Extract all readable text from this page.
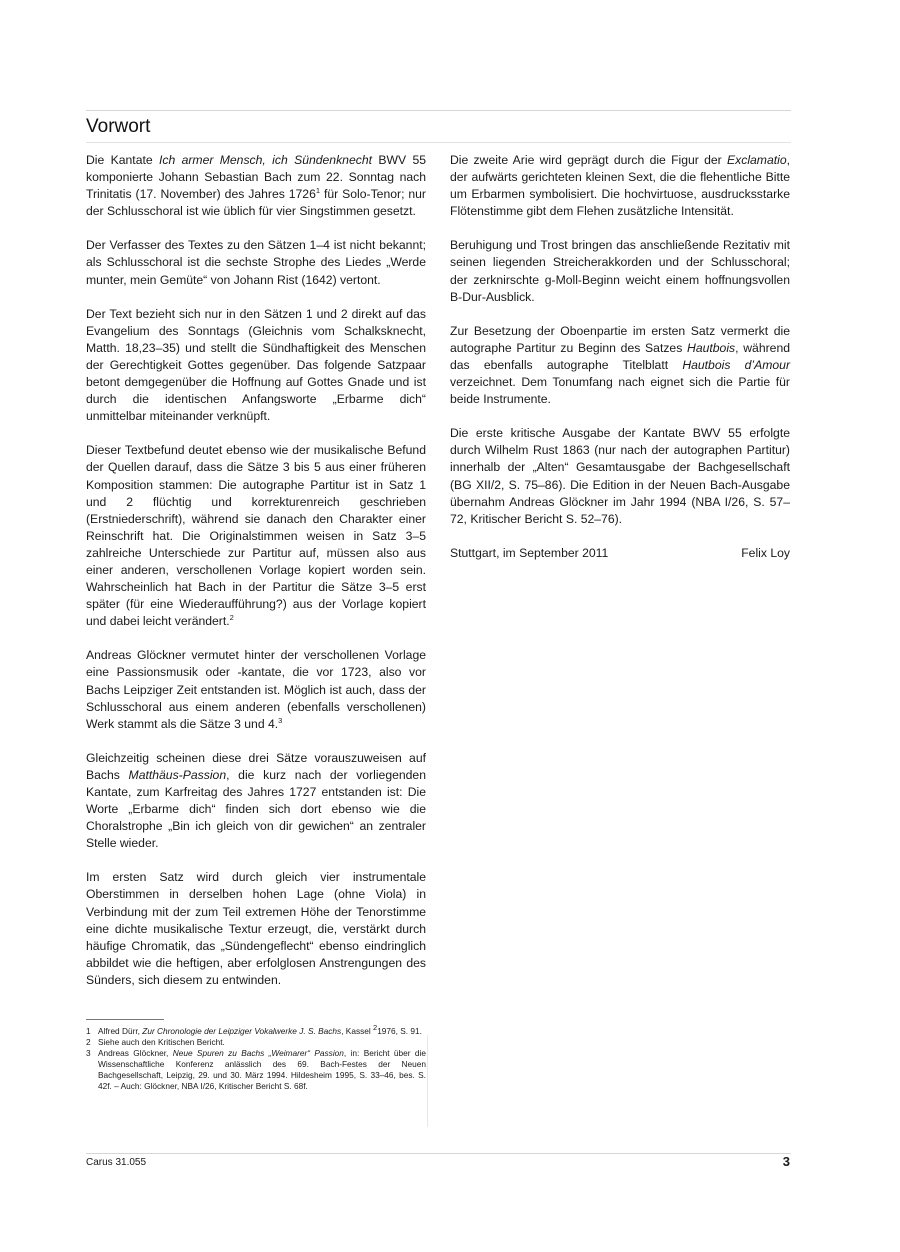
Vorwort

Die Kantate Ich armer Mensch, ich Sündenknecht BWV 55 komponierte Johann Sebastian Bach zum 22. Sonntag nach Trinitatis (17. November) des Jahres 1726$^1$ für Solo-Tenor; nur der Schlusschoral ist wie üblich für vier Singstimmen gesetzt.

Der Verfasser des Textes zu den Sätzen 1–4 ist nicht bekannt; als Schlusschoral ist die sechste Strophe des Liedes „Werde munter, mein Gemüte“ von Johann Rist (1642) vertont.

Der Text bezieht sich nur in den Sätzen 1 und 2 direkt auf das Evangelium des Sonntags (Gleichnis vom Schalksknecht, Matth. 18,23–35) und stellt die Sündhaftigkeit des Menschen der Gerechtigkeit Gottes gegenüber. Das folgende Satzpaar betont demgegenüber die Hoffnung auf Gottes Gnade und ist durch die identischen Anfangsworte „Erbarme dich“ unmittelbar miteinander verknüpft.

Dieser Textbefund deutet ebenso wie der musikalische Befund der Quellen darauf, dass die Sätze 3 bis 5 aus einer früheren Komposition stammen: Die autographe Partitur ist in Satz 1 und 2 flüchtig und korrekturenreich geschrieben (Erstniederschrift), während sie danach den Charakter einer Reinschrift hat. Die Originalstimmen weisen in Satz 3–5 zahlreiche Unterschiede zur Partitur auf, müssen also aus einer anderen, verschollenen Vorlage kopiert worden sein. Wahrscheinlich hat Bach in der Partitur die Sätze 3–5 erst später (für eine Wiederaufführung?) aus der Vorlage kopiert und dabei leicht verändert.$^2$

Andreas Glöckner vermutet hinter der verschollenen Vorlage eine Passionsmusik oder -kantate, die vor 1723, also vor Bachs Leipziger Zeit entstanden ist. Möglich ist auch, dass der Schlusschoral aus einem anderen (ebenfalls verschollenen) Werk stammt als die Sätze 3 und 4.$^3$

Gleichzeitig scheinen diese drei Sätze vorauszuweisen auf Bachs Matthäus-Passion, die kurz nach der vorliegenden Kantate, zum Karfreitag des Jahres 1727 entstanden ist: Die Worte „Erbarme dich“ finden sich dort ebenso wie die Choralstrophe „Bin ich gleich von dir gewichen“ an zentraler Stelle wieder.

Im ersten Satz wird durch gleich vier instrumentale Oberstimmen in derselben hohen Lage (ohne Viola) in Verbindung mit der zum Teil extremen Höhe der Tenorstimme eine dichte musikalische Textur erzeugt, die, verstärkt durch häufige Chromatik, das „Sündengeflecht“ ebenso eindringlich abbildet wie die heftigen, aber erfolglosen Anstrengungen des Sünders, sich diesem zu entwinden.

Die zweite Arie wird geprägt durch die Figur der Exclamatio, der aufwärts gerichteten kleinen Sext, die die flehentliche Bitte um Erbarmen symbolisiert. Die hochvirtuose, ausdrucksstarke Flötenstimme gibt dem Flehen zusätzliche Intensität.

Beruhigung und Trost bringen das anschließende Rezitativ mit seinen liegenden Streicherakkorden und der Schlusschoral; der zerknirschte g-Moll-Beginn weicht einem hoffnungsvollen B-Dur-Ausblick.

Zur Besetzung der Oboenpartie im ersten Satz vermerkt die autographe Partitur zu Beginn des Satzes Hautbois, während das ebenfalls autographe Titelblatt Hautbois d’Amour verzeichnet. Dem Tonumfang nach eignet sich die Partie für beide Instrumente.

Die erste kritische Ausgabe der Kantate BWV 55 erfolgte durch Wilhelm Rust 1863 (nur nach der autographen Partitur) innerhalb der „Alten“ Gesamtausgabe der Bachgesellschaft (BG XII/2, S. 75–86). Die Edition in der Neuen Bach-Ausgabe übernahm Andreas Glöckner im Jahr 1994 (NBA I/26, S. 57–72, Kritischer Bericht S. 52–76).

Stuttgart, im September 2011	Felix Loy
1 Alfred Dürr, Zur Chronologie der Leipziger Vokalwerke J. S. Bachs, Kassel $^2$1976, S. 91.
2 Siehe auch den Kritischen Bericht.
3 Andreas Glöckner, Neue Spuren zu Bachs „Weimarer“ Passion, in: Bericht über die Wissenschaftliche Konferenz anlässlich des 69. Bach-Festes der Neuen Bachgesellschaft, Leipzig, 29. und 30. März 1994. Hildesheim 1995, S. 33–46, bes. S. 42f. – Auch: Glöckner, NBA I/26, Kritischer Bericht S. 68f.
Carus 31.055	3
